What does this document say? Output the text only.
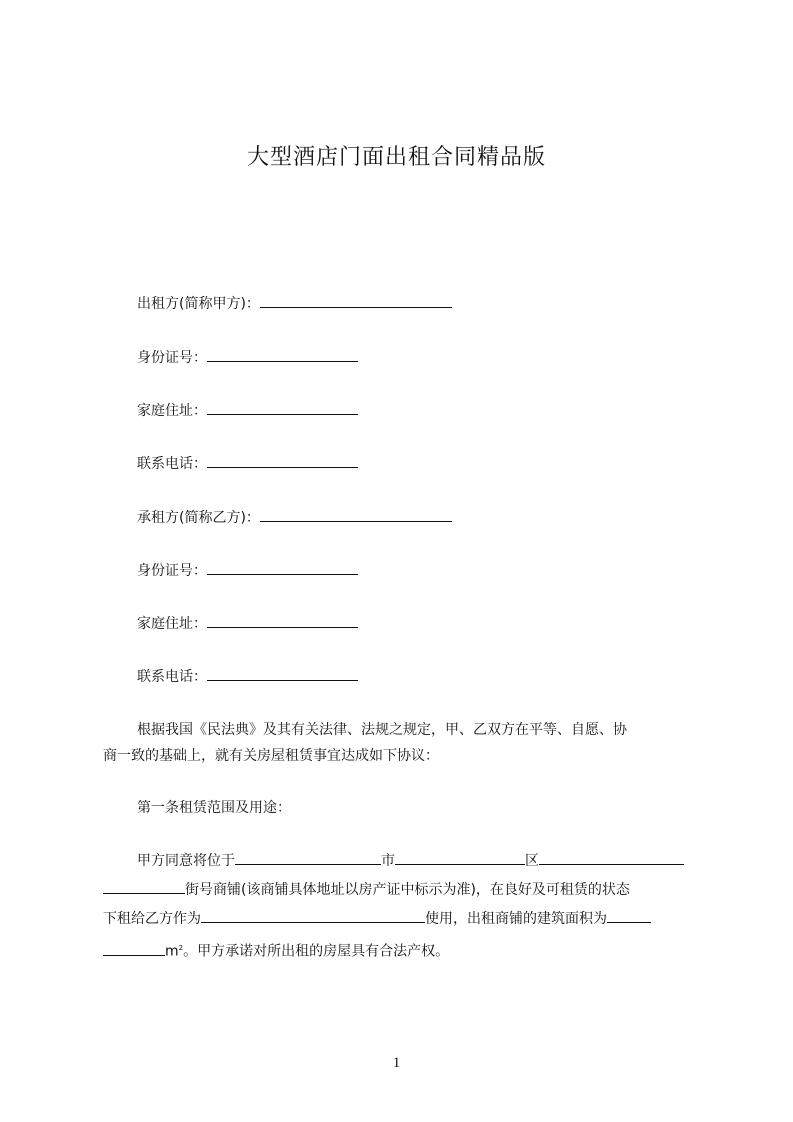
大型酒店门面出租合同精品版
出租方(简称甲方)：
身份证号：
家庭住址：
联系电话：
承租方(简称乙方)：
身份证号：
家庭住址：
联系电话：

根据我国《民法典》及其有关法律、法规之规定，甲、乙双方在平等、自愿、协

商一致的基础上，就有关房屋租赁事宜达成如下协议：

第一条租赁范围及用途：

甲方同意将位于	市	区

街号商铺(该商铺具体地址以房产证中标示为准)，在良好及可租赁的状态

下租给乙方作为	使用，出租商铺的建筑面积为

$m^2$。甲方承诺对所出租的房屋具有合法产权。

1
